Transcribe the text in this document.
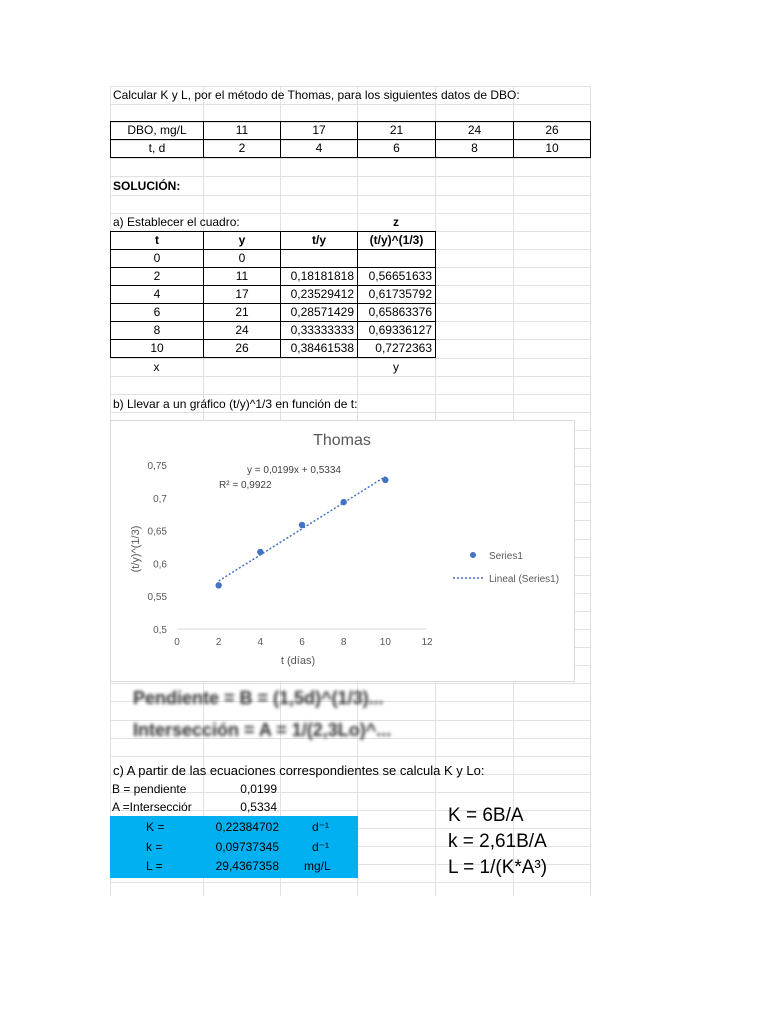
Calcular K y L, por el método de Thomas, para los siguientes datos de DBO:
DBO, mg/L	11	17	21	24	26
t, d	2	4	6	8	10
SOLUCIÓN:
a) Establecer el cuadro:	z
t	y	t/y	(t/y)^(1/3)
0	0		
2	11	0,18181818	0,56651633
4	17	0,23529412	0,61735792
6	21	0,28571429	0,65863376
8	24	0,33333333	0,69336127
10	26	0,38461538	0,7272363
x	y
b) Llevar a un gráfico (t/y)^1/3 en función de t:
Thomas
y = 0,0199x + 0,5334
R² = 0,9922
t (días)
(t/y)^(1/3)
0	2	4	6	8	10	12
0,5
0,55
0,6
0,65
0,7
0,75
Series1
Lineal (Series1)
Pendiente = B = (1,5d)^(1/3)...
Intersección = A = 1/(2,3Lo)^...
c) A partir de las ecuaciones correspondientes se calcula K y Lo:
B = pendiente	0,0199
A =Intersecciór	0,5334
K =	0,22384702	d⁻¹
k =	0,09737345	d⁻¹
L =	29,4367358 mg/L
K = 6B/A
k = 2,61B/A
L = 1/(K*A³)
